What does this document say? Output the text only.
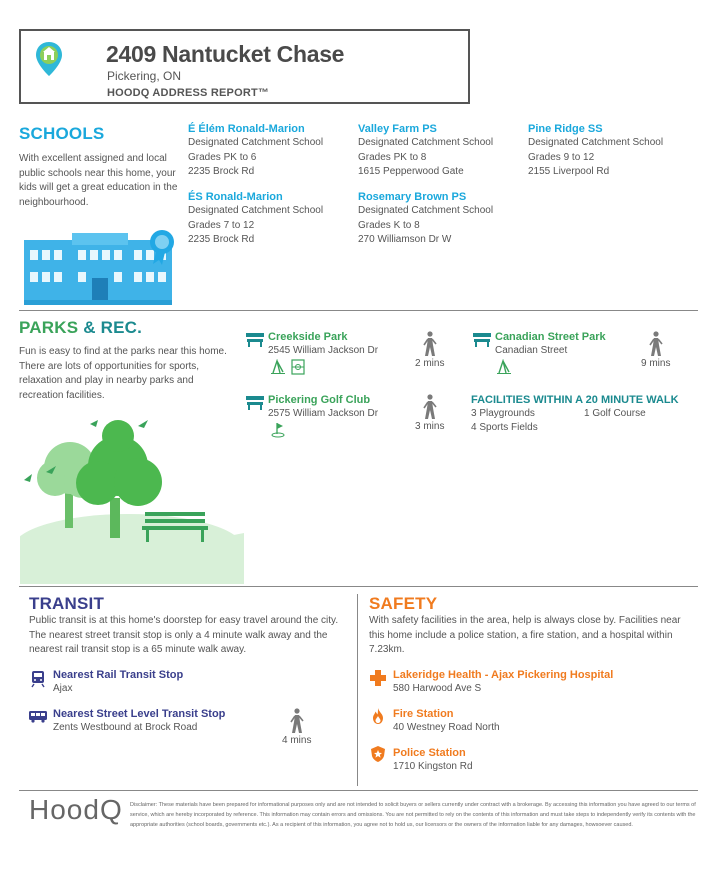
2409 Nantucket Chase
Pickering, ON
HOODQ ADDRESS REPORT™
SCHOOLS
With excellent assigned and local public schools near this home, your kids will get a great education in the neighbourhood.
É Élém Ronald-Marion
Designated Catchment School
Grades PK to 6
2235 Brock Rd
Valley Farm PS
Designated Catchment School
Grades PK to 8
1615 Pepperwood Gate
Pine Ridge SS
Designated Catchment School
Grades 9 to 12
2155 Liverpool Rd
ÉS Ronald-Marion
Designated Catchment School
Grades 7 to 12
2235 Brock Rd
Rosemary Brown PS
Designated Catchment School
Grades K to 8
270 Williamson Dr W
PARKS & REC.
Fun is easy to find at the parks near this home. There are lots of opportunities for sports, relaxation and play in nearby parks and recreation facilities.
Creekside Park
2545 William Jackson Dr
2 mins
Canadian Street Park
Canadian Street
9 mins
Pickering Golf Club
2575 William Jackson Dr
3 mins
FACILITIES WITHIN A 20 MINUTE WALK
3 Playgrounds	1 Golf Course
4 Sports Fields
TRANSIT
Public transit is at this home's doorstep for easy travel around the city. The nearest street transit stop is only a 4 minute walk away and the nearest rail transit stop is a 65 minute walk away.
Nearest Rail Transit Stop
Ajax
Nearest Street Level Transit Stop
Zents Westbound at Brock Road
4 mins
SAFETY
With safety facilities in the area, help is always close by. Facilities near this home include a police station, a fire station, and a hospital within 7.23km.
Lakeridge Health - Ajax Pickering Hospital
580 Harwood Ave S
Fire Station
40 Westney Road North
Police Station
1710 Kingston Rd
HoodQ Disclaimer: These materials have been prepared for informational purposes only and are not intended to solicit buyers or sellers currently under contract with a brokerage. By accessing this information you have agreed to our terms of service, which are hereby incorporated by reference. This information may contain errors and omissions. You are not permitted to rely on the contents of this information and must take steps to independently verify its contents with the appropriate authorities (school boards, governments etc.). As a recipient of this information, you agree not to hold us, our licensors or the owners of the information liable for any damages, howsoever caused.
